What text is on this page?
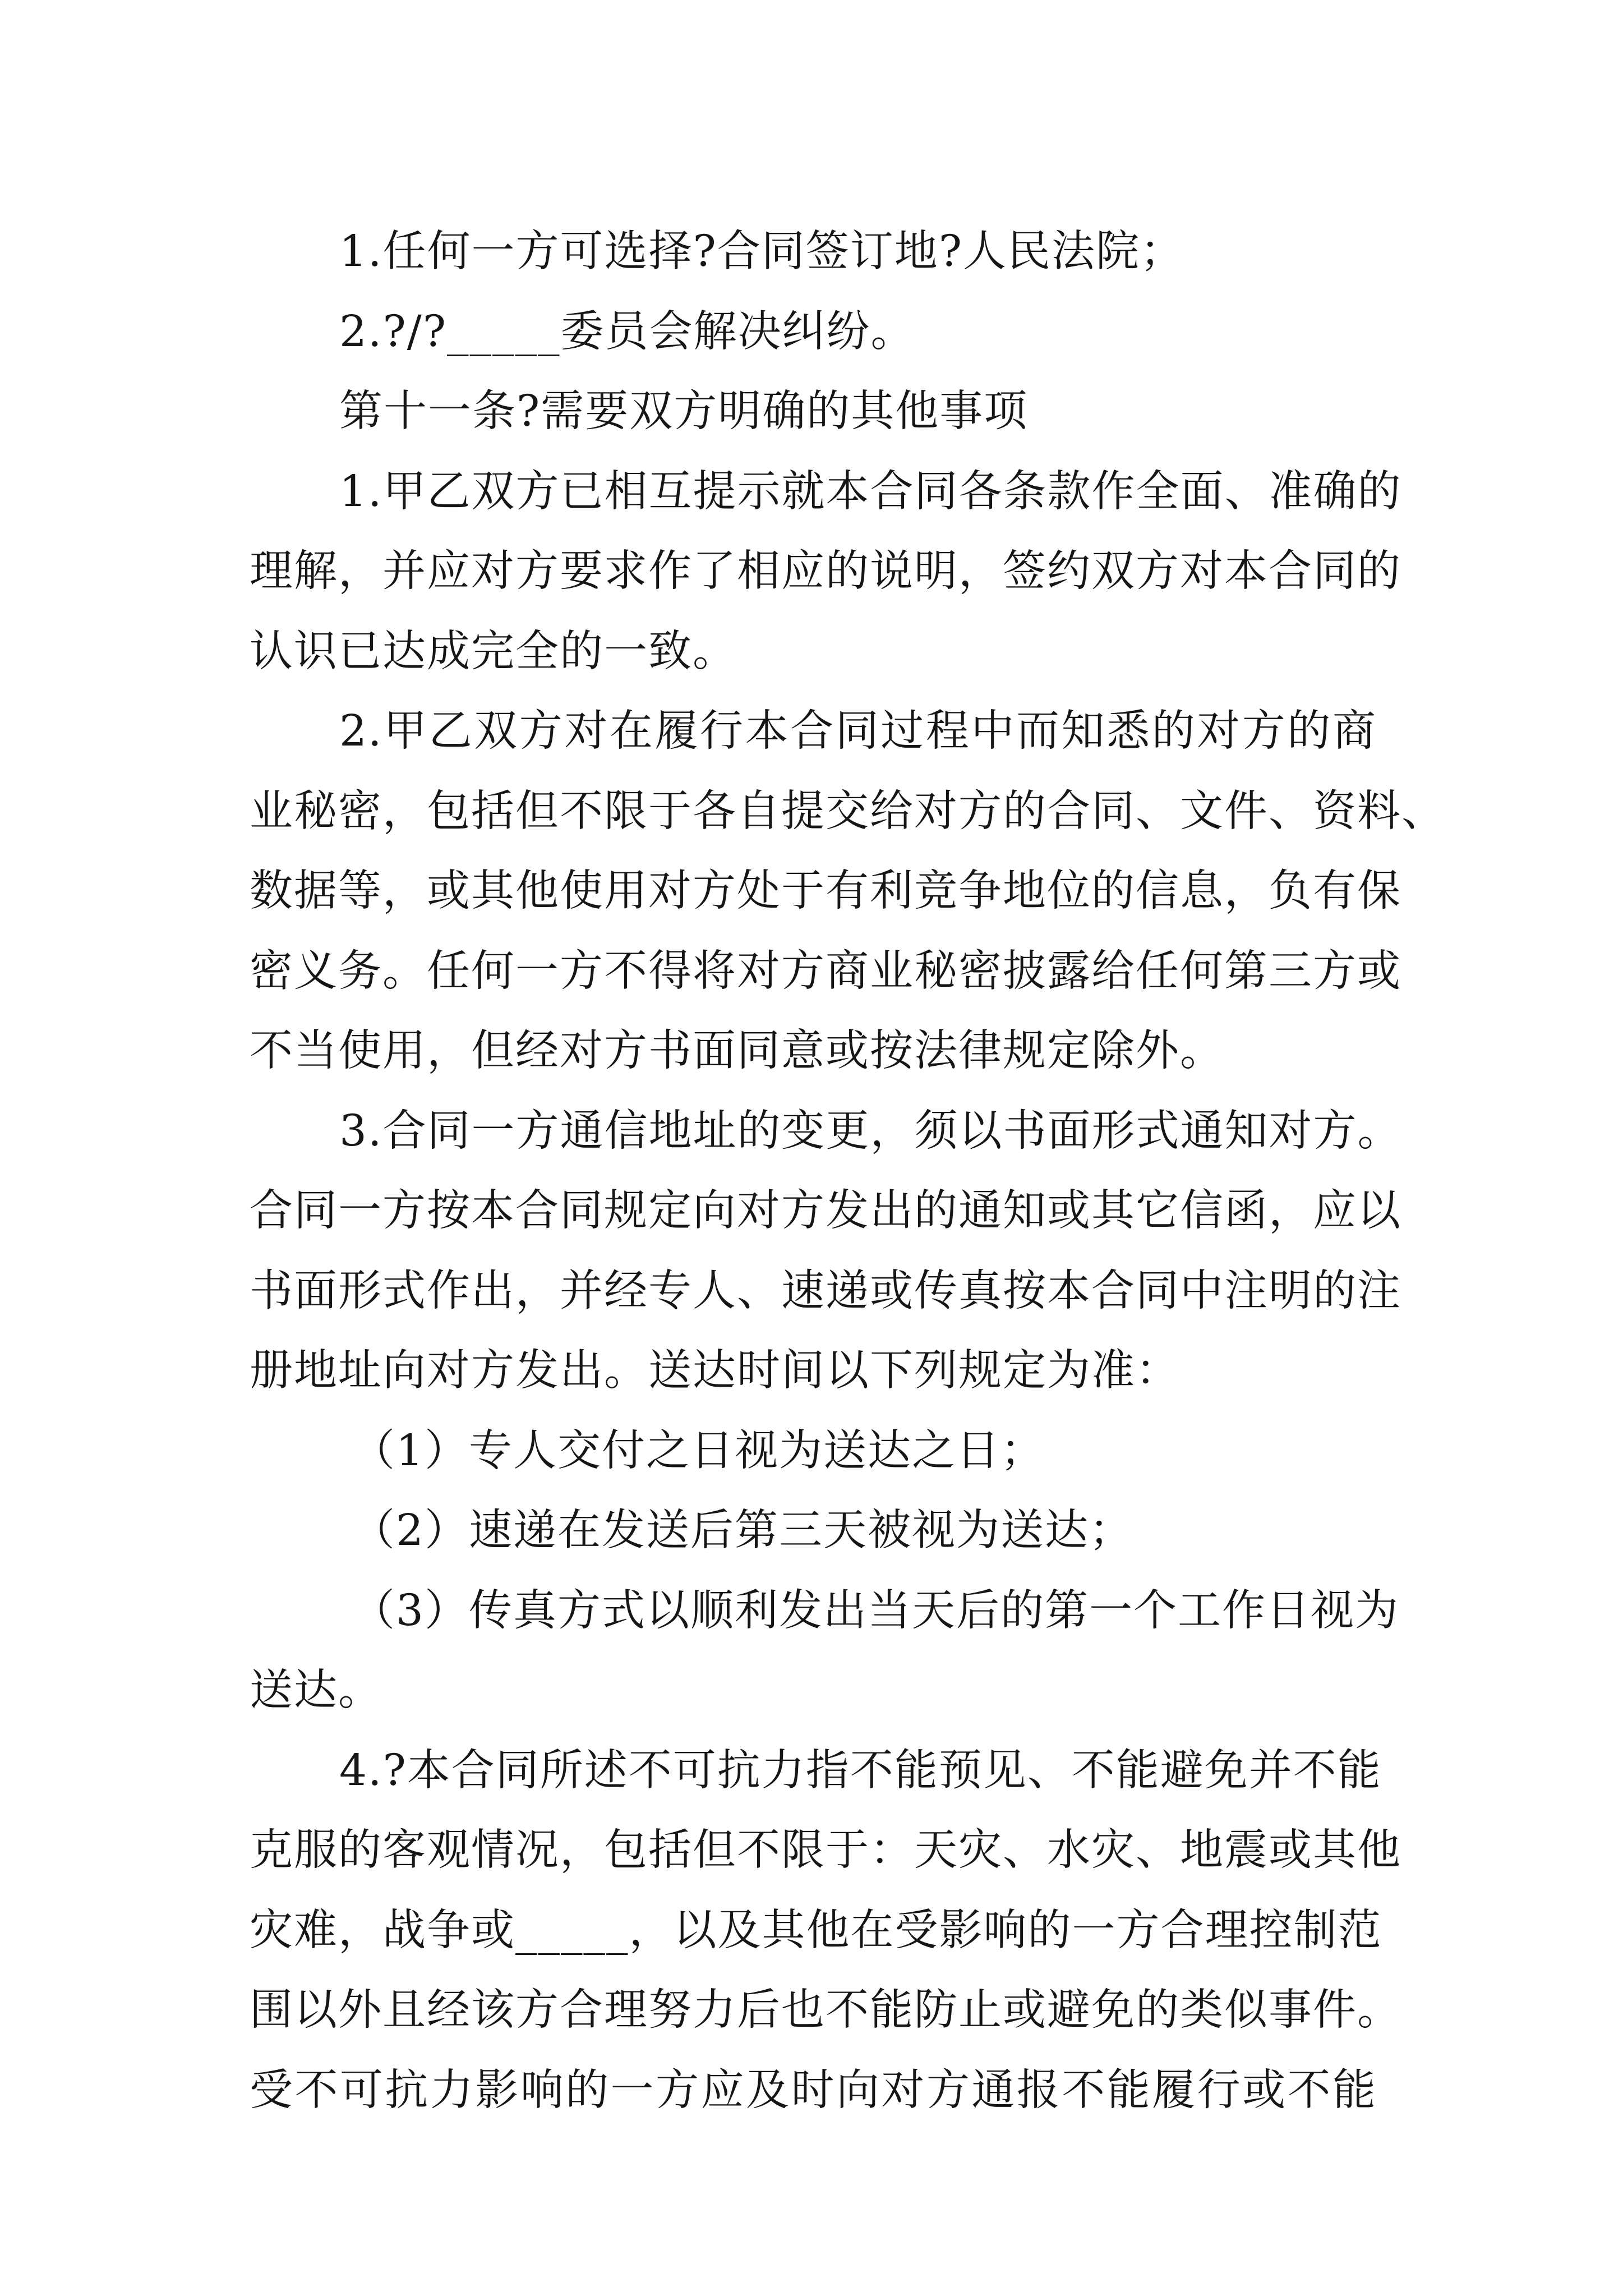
1.任何一方可选择?合同签订地?人民法院；
2.?/?_____委员会解决纠纷。
第十一条?需要双方明确的其他事项
1.甲乙双方已相互提示就本合同各条款作全面、准确的
理解，并应对方要求作了相应的说明，签约双方对本合同的
认识已达成完全的一致。
2.甲乙双方对在履行本合同过程中而知悉的对方的商
业秘密，包括但不限于各自提交给对方的合同、文件、资料、
数据等，或其他使用对方处于有利竞争地位的信息，负有保
密义务。任何一方不得将对方商业秘密披露给任何第三方或
不当使用，但经对方书面同意或按法律规定除外。
3.合同一方通信地址的变更，须以书面形式通知对方。
合同一方按本合同规定向对方发出的通知或其它信函，应以
书面形式作出，并经专人、速递或传真按本合同中注明的注
册地址向对方发出。送达时间以下列规定为准：
（1）专人交付之日视为送达之日；
（2）速递在发送后第三天被视为送达；
（3）传真方式以顺利发出当天后的第一个工作日视为
送达。
4.?本合同所述不可抗力指不能预见、不能避免并不能
克服的客观情况，包括但不限于：天灾、水灾、地震或其他
灾难，战争或_____，以及其他在受影响的一方合理控制范
围以外且经该方合理努力后也不能防止或避免的类似事件。
受不可抗力影响的一方应及时向对方通报不能履行或不能
